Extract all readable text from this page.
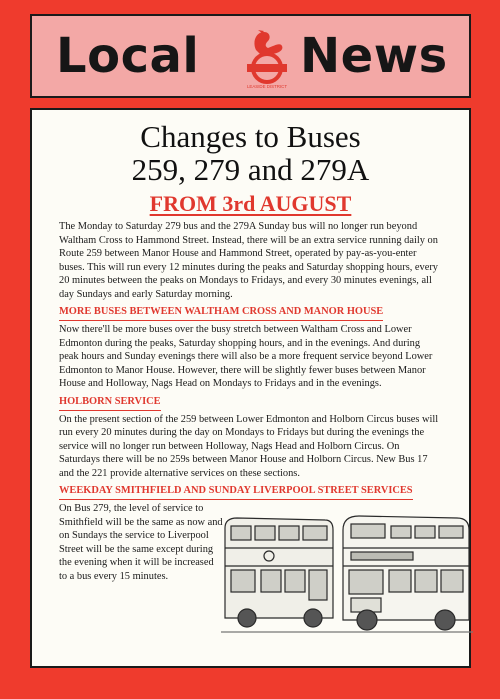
Local
LEASIDE DISTRICT
News
Changes to Buses
259, 279 and 279A
FROM 3rd AUGUST

The Monday to Saturday 279 bus and the 279A Sunday bus will no longer run beyond Waltham Cross to Hammond Street. Instead, there will be an extra service running daily on Route 259 between Manor House and Hammond Street, operated by pay-as-you-enter buses. This will run every 12 minutes during the peaks and Saturday shopping hours, every 20 minutes between the peaks on Mondays to Fridays, and every 30 minutes evenings, all day Sundays and early Saturday morning.

MORE BUSES BETWEEN WALTHAM CROSS AND MANOR HOUSE

Now there'll be more buses over the busy stretch between Waltham Cross and Lower Edmonton during the peaks, Saturday shopping hours, and in the evenings. And during peak hours and Sunday evenings there will also be a more frequent service beyond Lower Edmonton to Manor House. However, there will be slightly fewer buses between Manor House and Holloway, Nags Head on Mondays to Fridays and in the evenings.

HOLBORN SERVICE

On the present section of the 259 between Lower Edmonton and Holborn Circus buses will run every 20 minutes during the day on Mondays to Fridays but during the evenings the service will no longer run between Holloway, Nags Head and Holborn Circus. On Saturdays there will be no 259s between Manor House and Holborn Circus. New Bus 17 and the 221 provide alternative services on these sections.

WEEKDAY SMITHFIELD AND SUNDAY LIVERPOOL STREET SERVICES

On Bus 279, the level of service to Smithfield will be the same as now and on Sundays the service to Liverpool Street will be the same except during the evening when it will be increased to a bus every 15 minutes.
